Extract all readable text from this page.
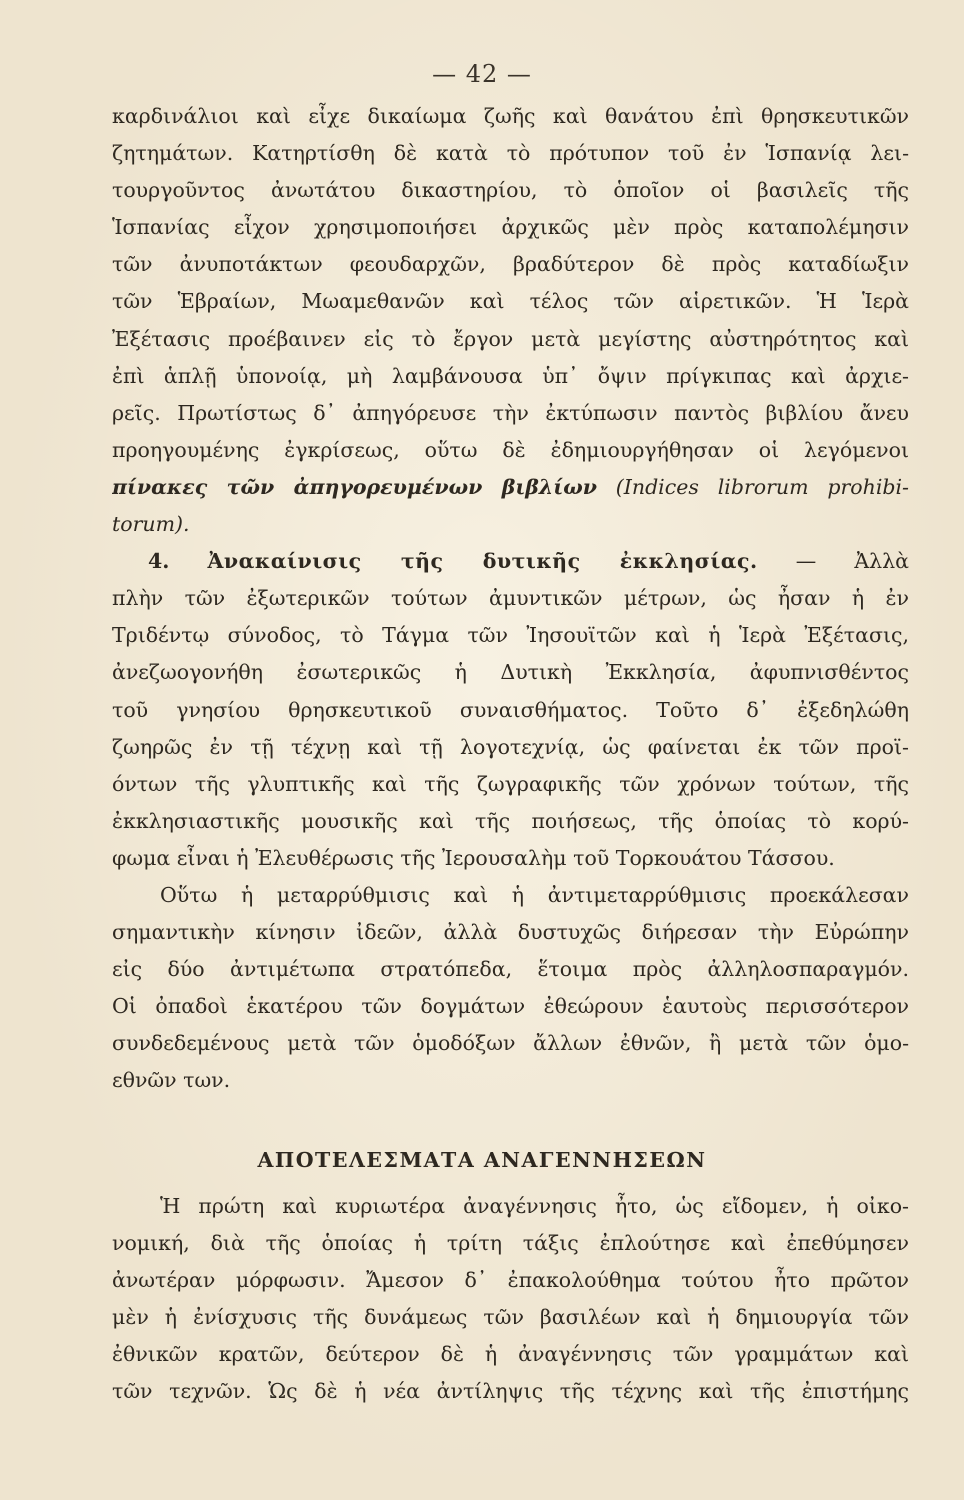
— 42 —
καρδινάλιοι καὶ εἶχε δικαίωμα ζωῆς καὶ θανάτου ἐπὶ θρησκευτικῶν
ζητημάτων. Κατηρτίσθη δὲ κατὰ τὸ πρότυπον τοῦ ἐν Ἱσπανίᾳ λει-
τουργοῦντος ἀνωτάτου δικαστηρίου, τὸ ὁποῖον οἱ βασιλεῖς τῆς
Ἱσπανίας εἶχον χρησιμοποιήσει ἀρχικῶς μὲν πρὸς καταπολέμησιν
τῶν ἀνυποτάκτων φεουδαρχῶν, βραδύτερον δὲ πρὸς καταδίωξιν
τῶν Ἑβραίων, Μωαμεθανῶν καὶ τέλος τῶν αἱρετικῶν. Ἡ Ἱερὰ
Ἐξέτασις προέβαινεν εἰς τὸ ἔργον μετὰ μεγίστης αὐστηρότητος καὶ
ἐπὶ ἁπλῇ ὑπονοίᾳ, μὴ λαμβάνουσα ὑπ᾽ ὄψιν πρίγκιπας καὶ ἀρχιε-
ρεῖς. Πρωτίστως δ᾽ ἀπηγόρευσε τὴν ἐκτύπωσιν παντὸς βιβλίου ἄνευ
προηγουμένης ἐγκρίσεως, οὕτω δὲ ἐδημιουργήθησαν οἱ λεγόμενοι
πίνακες τῶν ἀπηγορευμένων βιβλίων (Indices librorum prohibi-
torum).
4. Ἀνακαίνισις τῆς δυτικῆς ἐκκλησίας. — Ἀλλὰ
πλὴν τῶν ἐξωτερικῶν τούτων ἀμυντικῶν μέτρων, ὡς ἦσαν ἡ ἐν
Τριδέντῳ σύνοδος, τὸ Τάγμα τῶν Ἰησουϊτῶν καὶ ἡ Ἱερὰ Ἐξέτασις,
ἀνεζωογονήθη ἐσωτερικῶς ἡ Δυτικὴ Ἐκκλησία, ἀφυπνισθέντος
τοῦ γνησίου θρησκευτικοῦ συναισθήματος. Τοῦτο δ᾽ ἐξεδηλώθη
ζωηρῶς ἐν τῇ τέχνῃ καὶ τῇ λογοτεχνίᾳ, ὡς φαίνεται ἐκ τῶν προϊ-
όντων τῆς γλυπτικῆς καὶ τῆς ζωγραφικῆς τῶν χρόνων τούτων, τῆς
ἐκκλησιαστικῆς μουσικῆς καὶ τῆς ποιήσεως, τῆς ὁποίας τὸ κορύ-
φωμα εἶναι ἡ Ἐλευθέρωσις τῆς Ἰερουσαλὴμ τοῦ Τορκουάτου Τάσσου.
Οὕτω ἡ μεταρρύθμισις καὶ ἡ ἀντιμεταρρύθμισις προεκάλεσαν
σημαντικὴν κίνησιν ἰδεῶν, ἀλλὰ δυστυχῶς διήρεσαν τὴν Εὐρώπην
εἰς δύο ἀντιμέτωπα στρατόπεδα, ἕτοιμα πρὸς ἀλληλοσπαραγμόν.
Οἱ ὀπαδοὶ ἑκατέρου τῶν δογμάτων ἐθεώρουν ἑαυτοὺς περισσότερον
συνδεδεμένους μετὰ τῶν ὁμοδόξων ἄλλων ἐθνῶν, ἢ μετὰ τῶν ὁμο-
εθνῶν των.
ΑΠΟΤΕΛΕΣΜΑΤΑ ΑΝΑΓΕΝΝΗΣΕΩΝ
Ἡ πρώτη καὶ κυριωτέρα ἀναγέννησις ἦτο, ὡς εἴδομεν, ἡ οἰκο-
νομική, διὰ τῆς ὁποίας ἡ τρίτη τάξις ἐπλούτησε καὶ ἐπεθύμησεν
ἀνωτέραν μόρφωσιν. Ἄμεσον δ᾽ ἐπακολούθημα τούτου ἦτο πρῶτον
μὲν ἡ ἐνίσχυσις τῆς δυνάμεως τῶν βασιλέων καὶ ἡ δημιουργία τῶν
ἐθνικῶν κρατῶν, δεύτερον δὲ ἡ ἀναγέννησις τῶν γραμμάτων καὶ
τῶν τεχνῶν. Ὡς δὲ ἡ νέα ἀντίληψις τῆς τέχνης καὶ τῆς ἐπιστήμης
